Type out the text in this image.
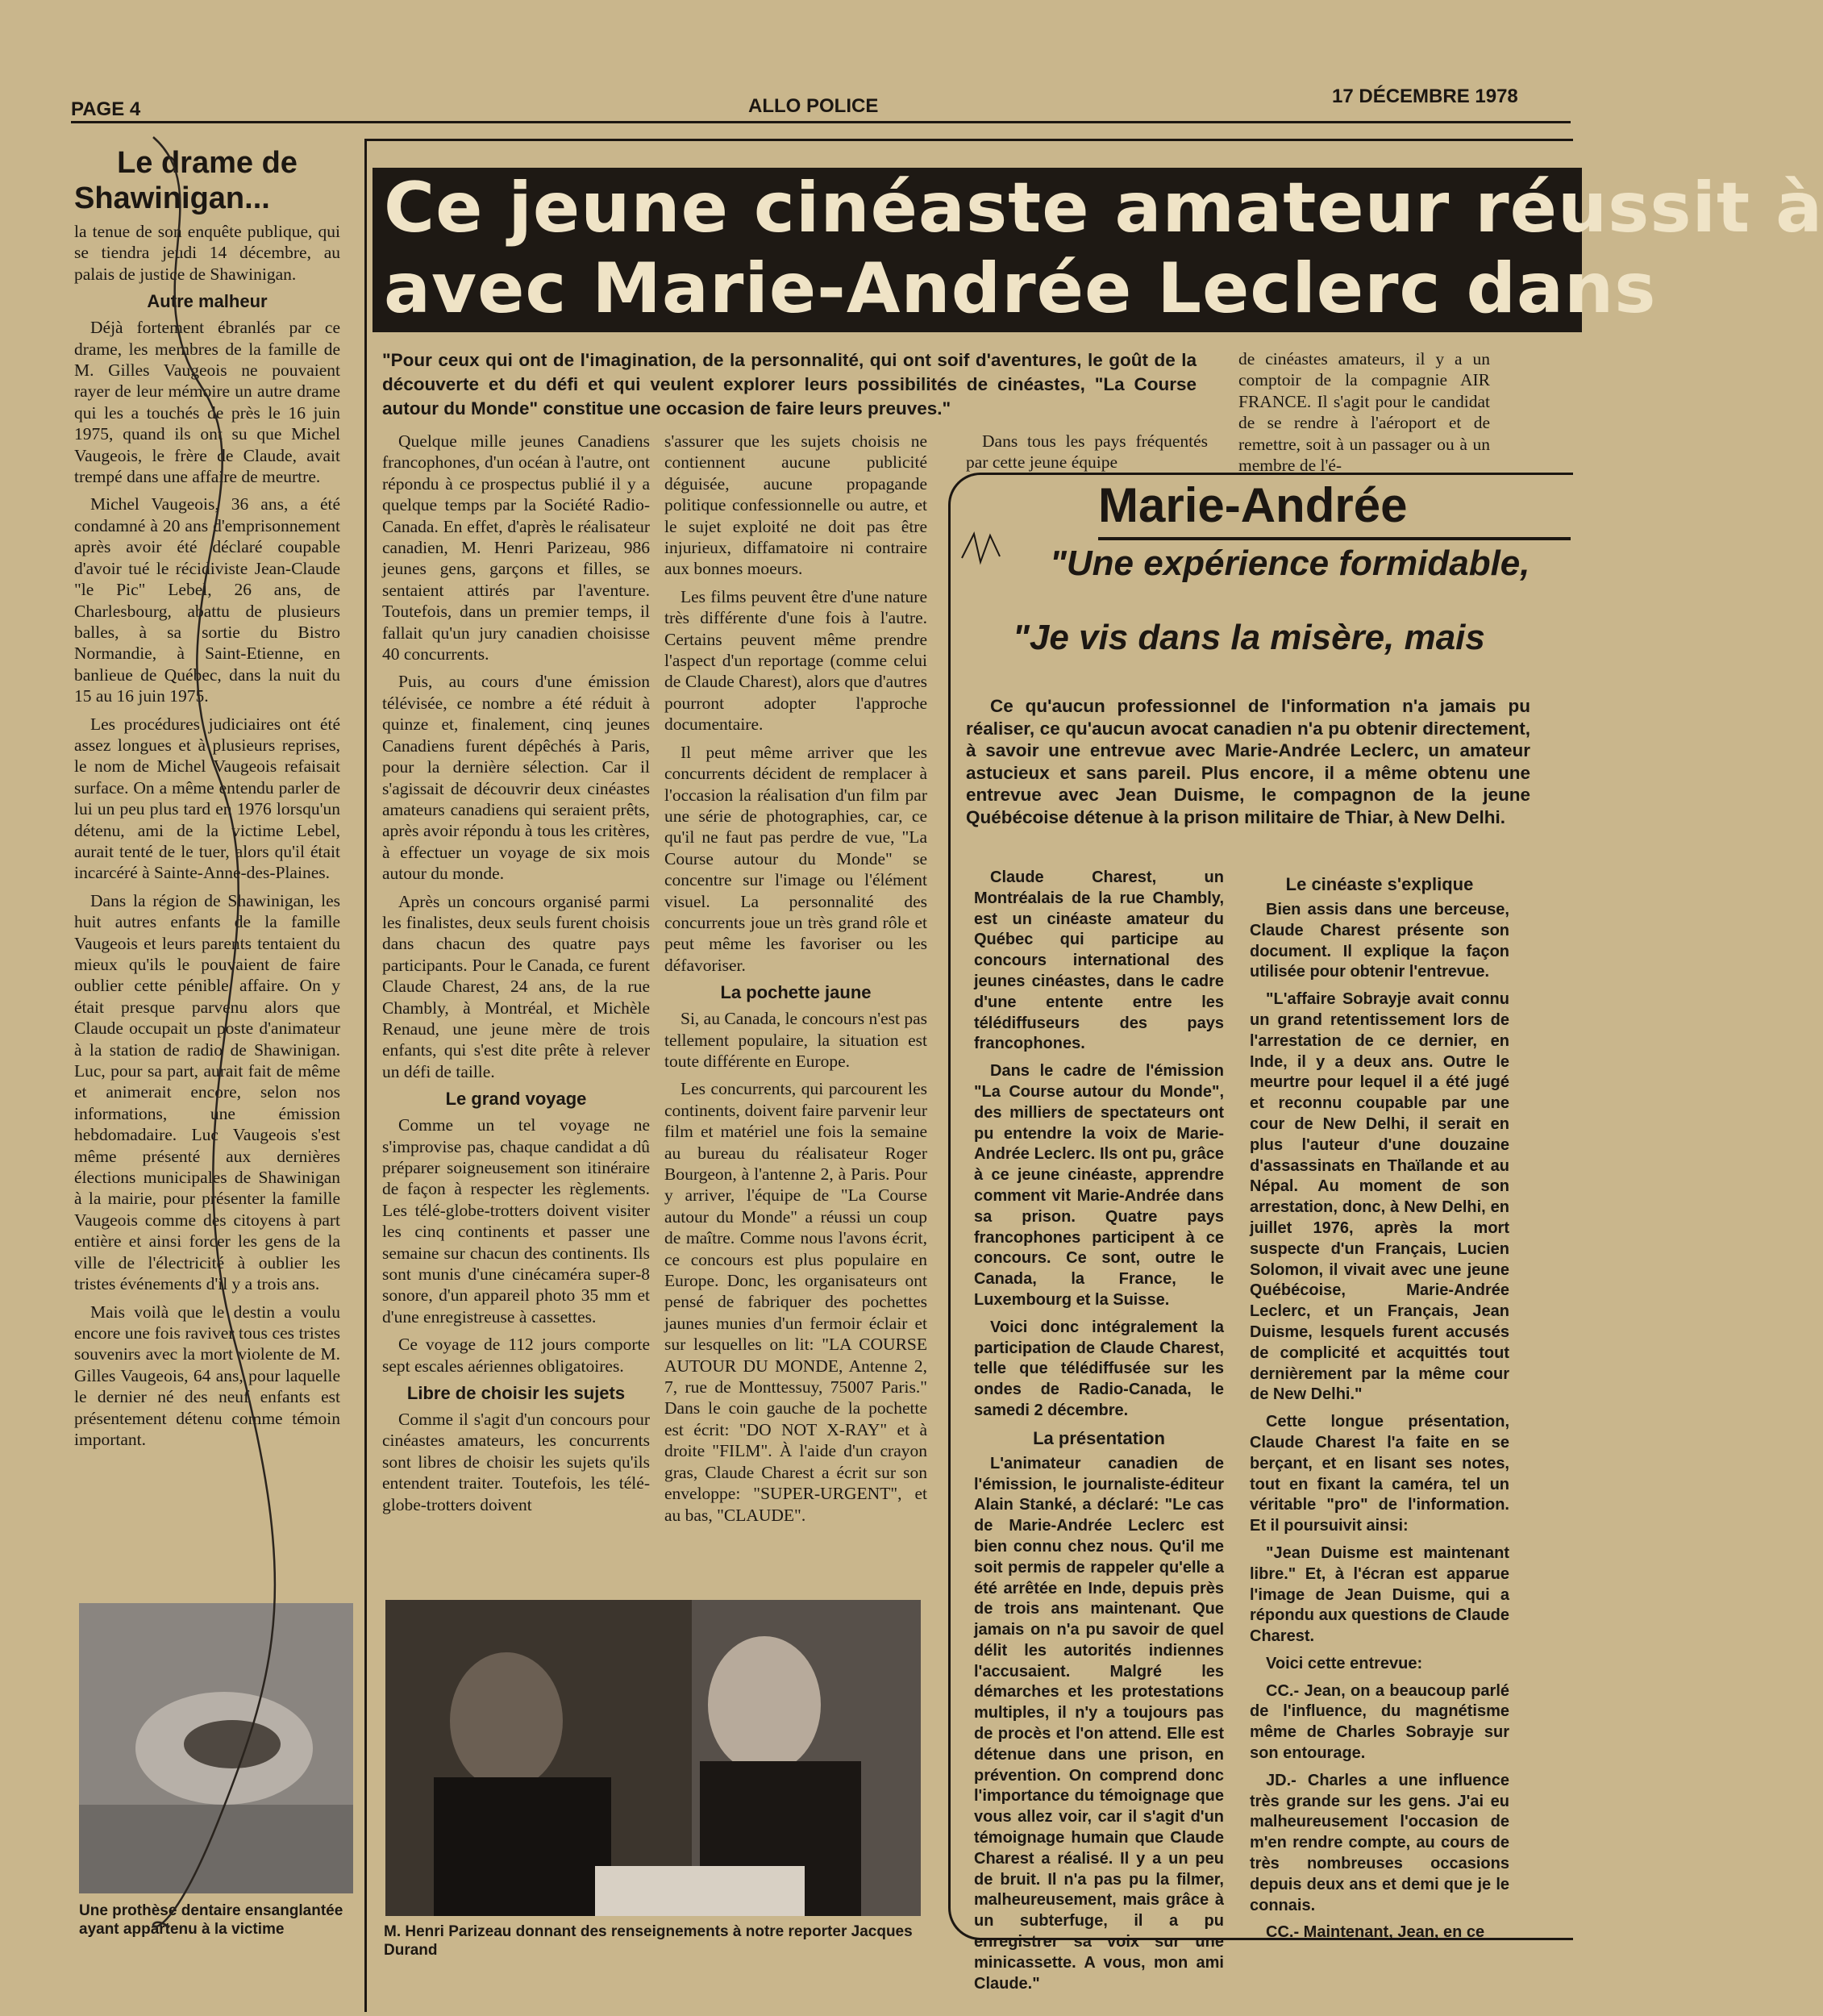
PAGE 4	ALLO POLICE	17 DÉCEMBRE 1978
Le drame de
Shawinigan...

la tenue de son enquête publique, qui se tiendra jeudi 14 décembre, au palais de justice de Shawinigan.

Autre malheur

Déjà fortement ébranlés par ce drame, les membres de la famille de M. Gilles Vaugeois ne pouvaient rayer de leur mémoire un autre drame qui les a touchés de près le 16 juin 1975, quand ils ont su que Michel Vaugeois, le frère de Claude, avait trempé dans une affaire de meurtre.

Michel Vaugeois, 36 ans, a été condamné à 20 ans d'emprisonnement après avoir été déclaré coupable d'avoir tué le récidiviste Jean-Claude "le Pic" Lebel, 26 ans, de Charlesbourg, abattu de plusieurs balles, à sa sortie du Bistro Normandie, à Saint-Etienne, en banlieue de Québec, dans la nuit du 15 au 16 juin 1975.

Les procédures judiciaires ont été assez longues et à plusieurs reprises, le nom de Michel Vaugeois refaisait surface. On a même entendu parler de lui un peu plus tard en 1976 lorsqu'un détenu, ami de la victime Lebel, aurait tenté de le tuer, alors qu'il était incarcéré à Sainte-Anne-des-Plaines.

Dans la région de Shawinigan, les huit autres enfants de la famille Vaugeois et leurs parents tentaient du mieux qu'ils le pouvaient de faire oublier cette pénible affaire. On y était presque parvenu alors que Claude occupait un poste d'animateur à la station de radio de Shawinigan. Luc, pour sa part, aurait fait de même et animerait encore, selon nos informations, une émission hebdomadaire. Luc Vaugeois s'est même présenté aux dernières élections municipales de Shawinigan à la mairie, pour présenter la famille Vaugeois comme des citoyens à part entière et ainsi forcer les gens de la ville de l'électricité à oublier les tristes événements d'il y a trois ans.

Mais voilà que le destin a voulu encore une fois raviver tous ces tristes souvenirs avec la mort violente de M. Gilles Vaugeois, 64 ans, pour laquelle le dernier né des neuf enfants est présentement détenu comme témoin important.

Une prothèse dentaire ensanglantée ayant appartenu à la victime
Ce jeune cinéaste amateur réussit à
avec Marie-Andrée Leclerc dans
"Pour ceux qui ont de l'imagination, de la personnalité, qui ont soif d'aventures, le goût de la découverte et du défi et qui veulent explorer leurs possibilités de cinéastes, "La Course autour du Monde" constitue une occasion de faire leurs preuves."

Quelque mille jeunes Canadiens francophones, d'un océan à l'autre, ont répondu à ce prospectus publié il y a quelque temps par la Société Radio-Canada. En effet, d'après le réalisateur canadien, M. Henri Parizeau, 986 jeunes gens, garçons et filles, se sentaient attirés par l'aventure. Toutefois, dans un premier temps, il fallait qu'un jury canadien choisisse 40 concurrents.

Puis, au cours d'une émission télévisée, ce nombre a été réduit à quinze et, finalement, cinq jeunes Canadiens furent dépêchés à Paris, pour la dernière sélection. Car il s'agissait de découvrir deux cinéastes amateurs canadiens qui seraient prêts, après avoir répondu à tous les critères, à effectuer un voyage de six mois autour du monde.

Après un concours organisé parmi les finalistes, deux seuls furent choisis dans chacun des quatre pays participants. Pour le Canada, ce furent Claude Charest, 24 ans, de la rue Chambly, à Montréal, et Michèle Renaud, une jeune mère de trois enfants, qui s'est dite prête à relever un défi de taille.

Le grand voyage

Comme un tel voyage ne s'improvise pas, chaque candidat a dû préparer soigneusement son itinéraire de façon à respecter les règlements. Les télé-globe-trotters doivent visiter les cinq continents et passer une semaine sur chacun des continents. Ils sont munis d'une cinécaméra super-8 sonore, d'un appareil photo 35 mm et d'une enregistreuse à cassettes.

Ce voyage de 112 jours comporte sept escales aériennes obligatoires.

Libre de choisir les sujets

Comme il s'agit d'un concours pour cinéastes amateurs, les concurrents sont libres de choisir les sujets qu'ils entendent traiter. Toutefois, les télé-globe-trotters doivent

s'assurer que les sujets choisis ne contiennent aucune publicité déguisée, aucune propagande politique confessionnelle ou autre, et le sujet exploité ne doit pas être injurieux, diffamatoire ni contraire aux bonnes moeurs.

Les films peuvent être d'une nature très différente d'une fois à l'autre. Certains peuvent même prendre l'aspect d'un reportage (comme celui de Claude Charest), alors que d'autres pourront adopter l'approche documentaire.

Il peut même arriver que les concurrents décident de remplacer à l'occasion la réalisation d'un film par une série de photographies, car, ce qu'il ne faut pas perdre de vue, "La Course autour du Monde" se concentre sur l'image ou l'élément visuel. La personnalité des concurrents joue un très grand rôle et peut même les favoriser ou les défavoriser.

La pochette jaune

Si, au Canada, le concours n'est pas tellement populaire, la situation est toute différente en Europe.

Les concurrents, qui parcourent les continents, doivent faire parvenir leur film et matériel une fois la semaine au bureau du réalisateur Roger Bourgeon, à l'antenne 2, à Paris. Pour y arriver, l'équipe de "La Course autour du Monde" a réussi un coup de maître. Comme nous l'avons écrit, ce concours est plus populaire en Europe. Donc, les organisateurs ont pensé de fabriquer des pochettes jaunes munies d'un fermoir éclair et sur lesquelles on lit: "LA COURSE AUTOUR DU MONDE, Antenne 2, 7, rue de Monttessuy, 75007 Paris." Dans le coin gauche de la pochette est écrit: "DO NOT X-RAY" et à droite "FILM". À l'aide d'un crayon gras, Claude Charest a écrit sur son enveloppe: "SUPER-URGENT", et au bas, "CLAUDE".

Dans tous les pays fréquentés par cette jeune équipe

de cinéastes amateurs, il y a un comptoir de la compagnie AIR FRANCE. Il s'agit pour le candidat de se rendre à l'aéroport et de remettre, soit à un passager ou à un membre de l'é-

M. Henri Parizeau donnant des renseignements à notre reporter Jacques Durand
Marie-Andrée
"Une expérience formidable,
"Je vis dans la misère, mais
Ce qu'aucun professionnel de l'information n'a jamais pu réaliser, ce qu'aucun avocat canadien n'a pu obtenir directement, à savoir une entrevue avec Marie-Andrée Leclerc, un amateur astucieux et sans pareil. Plus encore, il a même obtenu une entrevue avec Jean Duisme, le compagnon de la jeune Québécoise détenue à la prison militaire de Thiar, à New Delhi.

Claude Charest, un Montréalais de la rue Chambly, est un cinéaste amateur du Québec qui participe au concours international des jeunes cinéastes, dans le cadre d'une entente entre les télédiffuseurs des pays francophones.

Dans le cadre de l'émission "La Course autour du Monde", des milliers de spectateurs ont pu entendre la voix de Marie-Andrée Leclerc. Ils ont pu, grâce à ce jeune cinéaste, apprendre comment vit Marie-Andrée dans sa prison. Quatre pays francophones participent à ce concours. Ce sont, outre le Canada, la France, le Luxembourg et la Suisse.

Voici donc intégralement la participation de Claude Charest, telle que télédiffusée sur les ondes de Radio-Canada, le samedi 2 décembre.

La présentation

L'animateur canadien de l'émission, le journaliste-éditeur Alain Stanké, a déclaré: "Le cas de Marie-Andrée Leclerc est bien connu chez nous. Qu'il me soit permis de rappeler qu'elle a été arrêtée en Inde, depuis près de trois ans maintenant. Que jamais on n'a pu savoir de quel délit les autorités indiennes l'accusaient. Malgré les démarches et les protestations multiples, il n'y a toujours pas de procès et l'on attend. Elle est détenue dans une prison, en prévention. On comprend donc l'importance du témoignage que vous allez voir, car il s'agit d'un témoignage humain que Claude Charest a réalisé. Il y a un peu de bruit. Il n'a pas pu la filmer, malheureusement, mais grâce à un subterfuge, il a pu enregistrer sa voix sur une minicassette. A vous, mon ami Claude."

Le cinéaste s'explique

Bien assis dans une berceuse, Claude Charest présente son document. Il explique la façon utilisée pour obtenir l'entrevue.

"L'affaire Sobrayje avait connu un grand retentissement lors de l'arrestation de ce dernier, en Inde, il y a deux ans. Outre le meurtre pour lequel il a été jugé et reconnu coupable par une cour de New Delhi, il serait en plus l'auteur d'une douzaine d'assassinats en Thaïlande et au Népal. Au moment de son arrestation, donc, à New Delhi, en juillet 1976, après la mort suspecte d'un Français, Lucien Solomon, il vivait avec une jeune Québécoise, Marie-Andrée Leclerc, et un Français, Jean Duisme, lesquels furent accusés de complicité et acquittés tout dernièrement par la même cour de New Delhi."

Cette longue présentation, Claude Charest l'a faite en se berçant, et en lisant ses notes, tout en fixant la caméra, tel un véritable "pro" de l'information. Et il poursuivit ainsi:

"Jean Duisme est maintenant libre." Et, à l'écran est apparue l'image de Jean Duisme, qui a répondu aux questions de Claude Charest.

Voici cette entrevue:

CC.- Jean, on a beaucoup parlé de l'influence, du magnétisme même de Charles Sobrayje sur son entourage.

JD.- Charles a une influence très grande sur les gens. J'ai eu malheureusement l'occasion de m'en rendre compte, au cours de très nombreuses occasions depuis deux ans et demi que je le connais.

CC.- Maintenant, Jean, en ce
